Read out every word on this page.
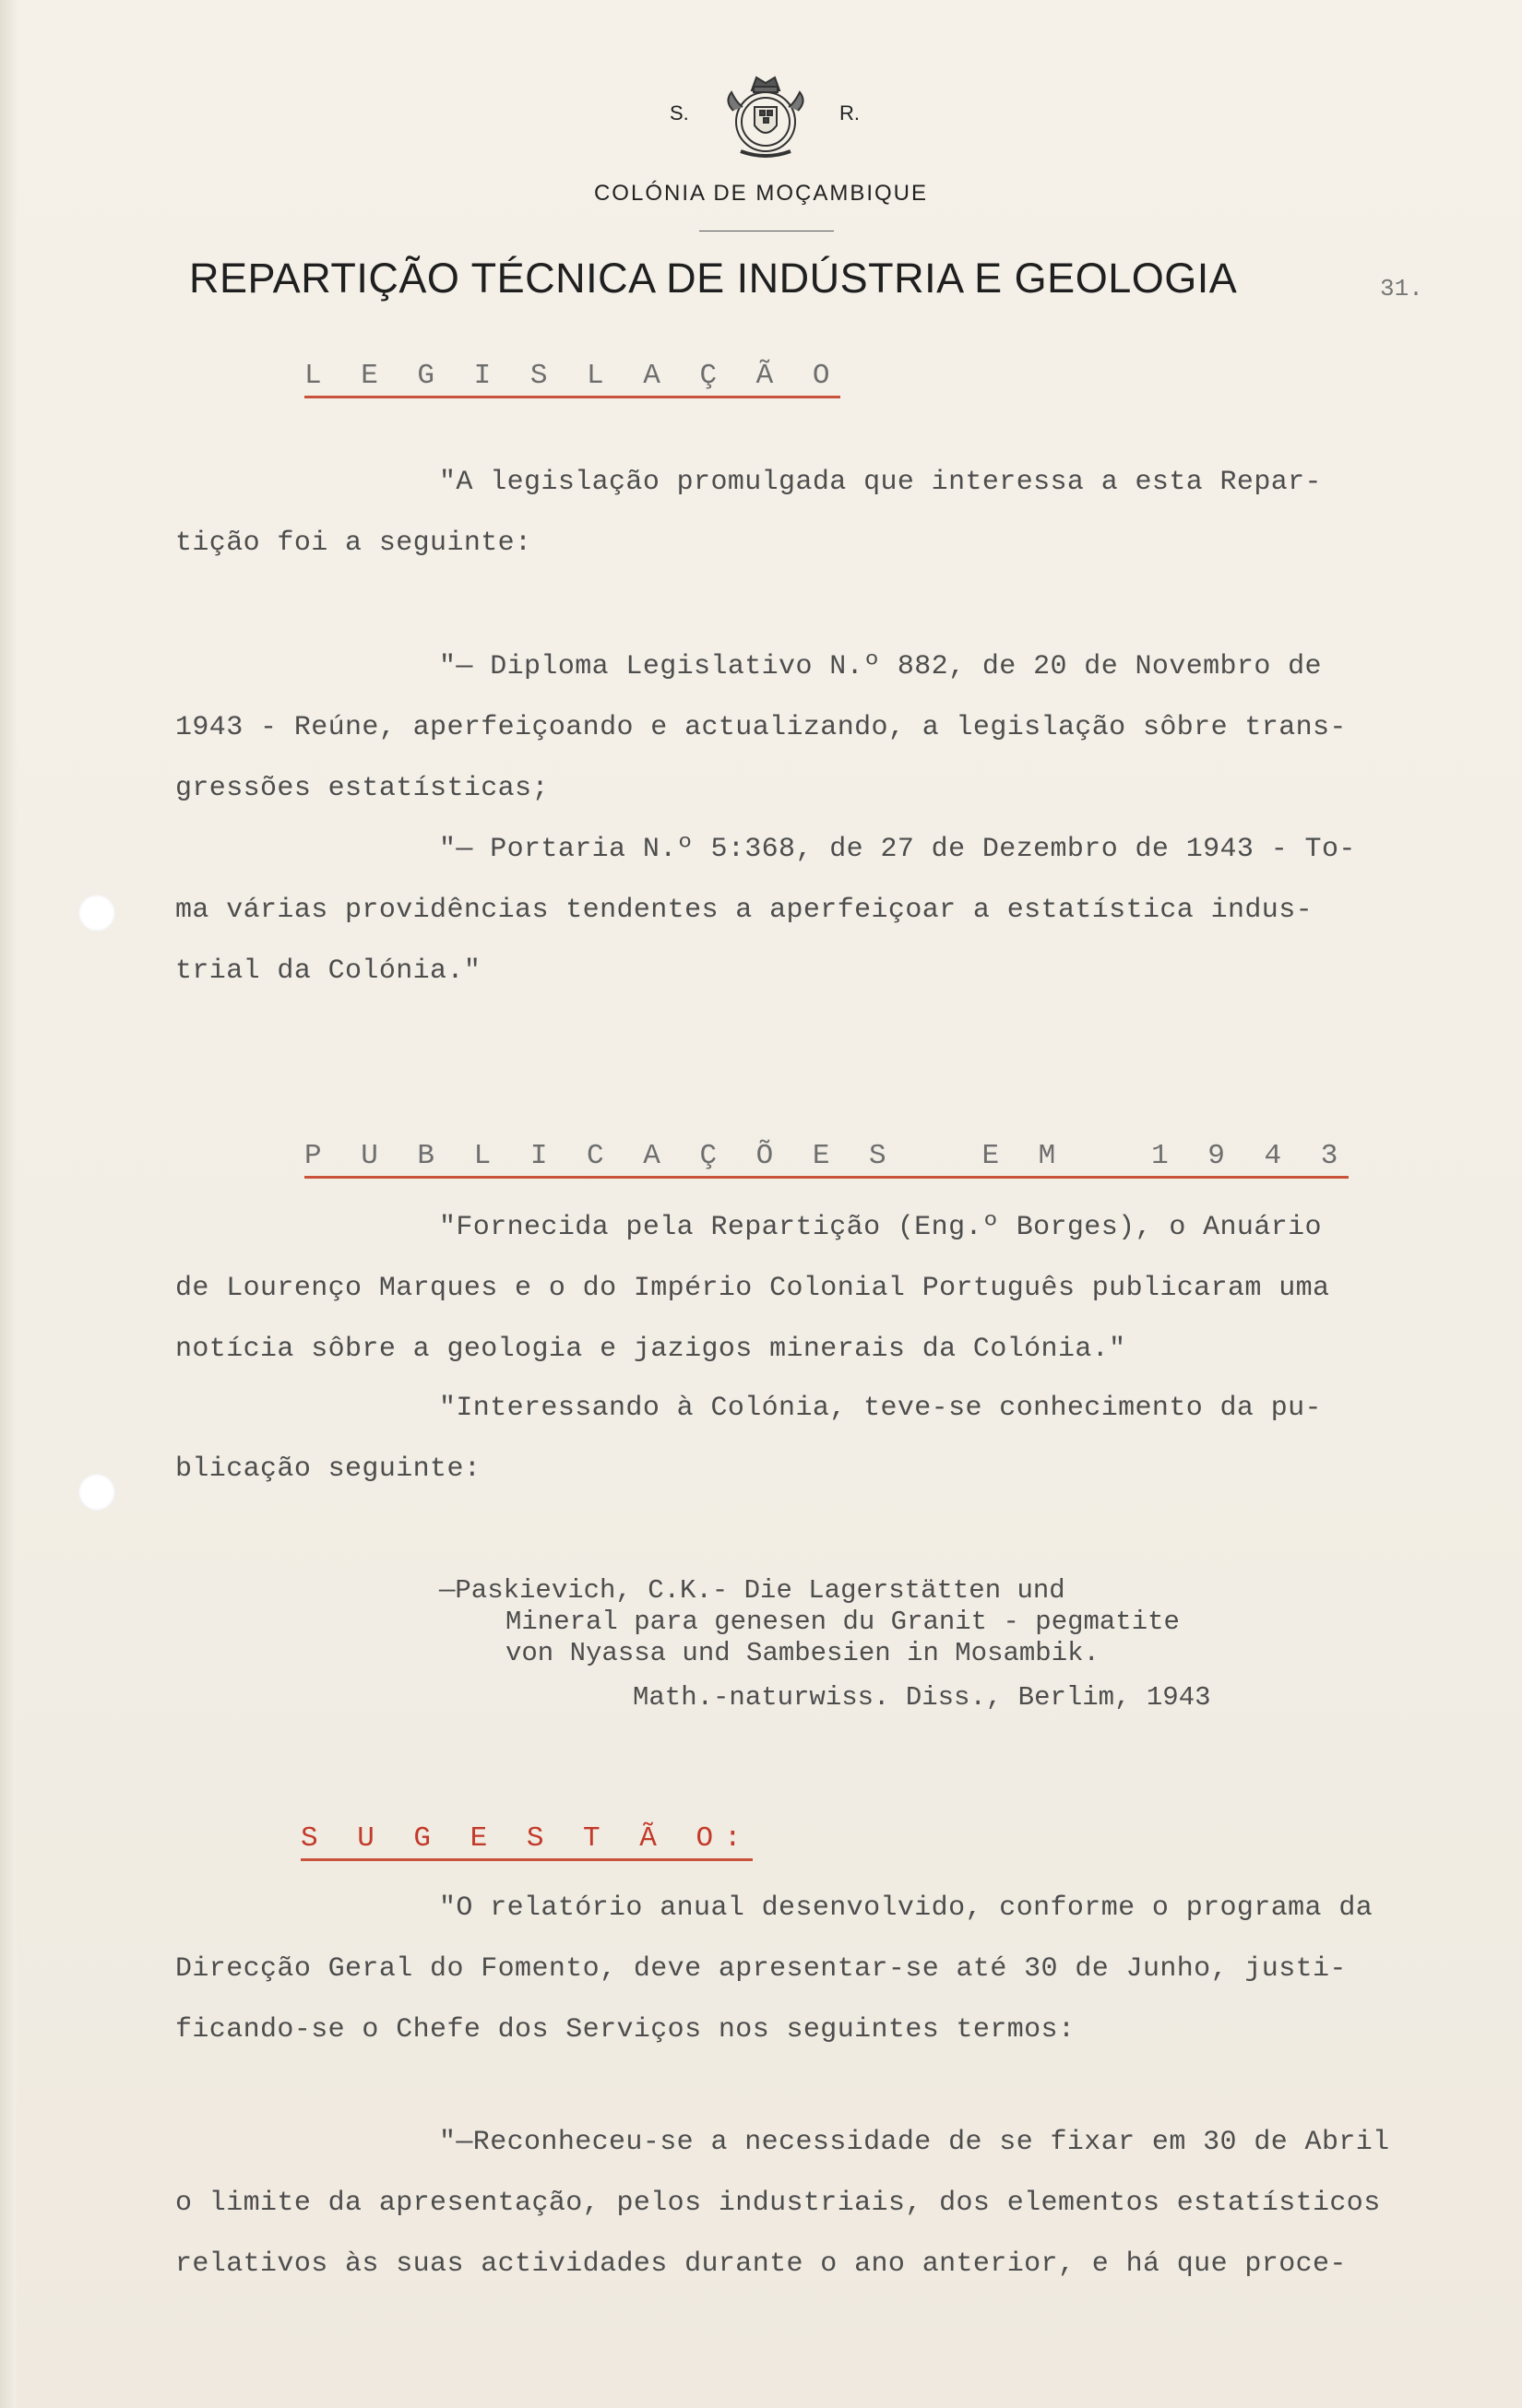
S.	R.
COLÓNIA DE MOÇAMBIQUE
REPARTIÇÃO TÉCNICA DE INDÚSTRIA E GEOLOGIA	31.
L E G I S L A Ç Ã O
"A legislação promulgada que interessa a esta Repar-
tição foi a seguinte:
"— Diploma Legislativo N.º 882, de 20 de Novembro de
1943 - Reúne, aperfeiçoando e actualizando, a legislação sôbre trans-
gressões estatísticas;
"— Portaria N.º 5:368, de 27 de Dezembro de 1943 - To-
ma várias providências tendentes a aperfeiçoar a estatística indus-
trial da Colónia."
P U B L I C A Ç Õ E S   E M   1 9 4 3
"Fornecida pela Repartição (Eng.º Borges), o Anuário
de Lourenço Marques e o do Império Colonial Português publicaram uma
notícia sôbre a geologia e jazigos minerais da Colónia."
"Interessando à Colónia, teve-se conhecimento da pu-
blicação seguinte:
—Paskievich, C.K.- Die Lagerstätten und
Mineral para genesen du Granit - pegmatite
von Nyassa und Sambesien in Mosambik.
Math.-naturwiss. Diss., Berlim, 1943
S U G E S T Ã O:
"O relatório anual desenvolvido, conforme o programa da
Direcção Geral do Fomento, deve apresentar-se até 30 de Junho, justi-
ficando-se o Chefe dos Serviços nos seguintes termos:
"—Reconheceu-se a necessidade de se fixar em 30 de Abril
o limite da apresentação, pelos industriais, dos elementos estatísticos
relativos às suas actividades durante o ano anterior, e há que proce-
